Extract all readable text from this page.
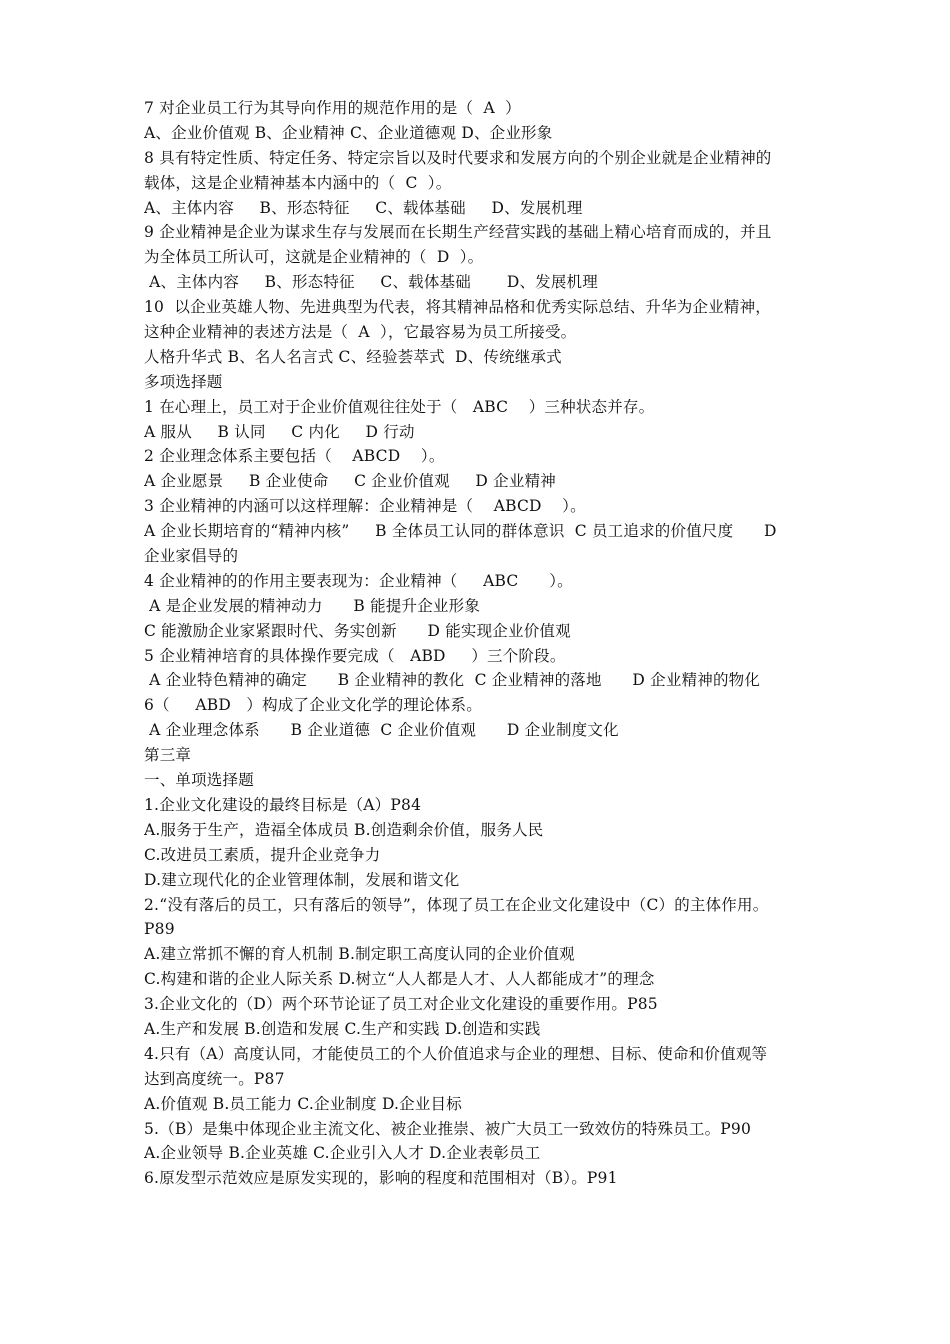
7 对企业员工行为其导向作用的规范作用的是（  A  ）
A、企业价值观 B、企业精神 C、企业道德观 D、企业形象
8 具有特定性质、特定任务、特定宗旨以及时代要求和发展方向的个别企业就是企业精神的
载体，这是企业精神基本内涵中的（  C  ）。
A、主体内容     B、形态特征     C、载体基础     D、发展机理
9 企业精神是企业为谋求生存与发展而在长期生产经营实践的基础上精心培育而成的，并且
为全体员工所认可，这就是企业精神的（  D  ）。
A、主体内容     B、形态特征     C、载体基础       D、发展机理
10  以企业英雄人物、先进典型为代表，将其精神品格和优秀实际总结、升华为企业精神，
这种企业精神的表述方法是（  A  ），它最容易为员工所接受。
人格升华式 B、名人名言式 C、经验荟萃式  D、传统继承式
多项选择题
1 在心理上，员工对于企业价值观往往处于（   ABC    ）三种状态并存。
A 服从     B 认同     C 内化     D 行动
2 企业理念体系主要包括（    ABCD    ）。
A 企业愿景     B 企业使命     C 企业价值观     D 企业精神
3 企业精神的内涵可以这样理解：企业精神是（    ABCD    ）。
A 企业长期培育的“精神内核”     B 全体员工认同的群体意识  C 员工追求的价值尺度      D
企业家倡导的
4 企业精神的的作用主要表现为：企业精神（     ABC      ）。
A 是企业发展的精神动力      B 能提升企业形象
C 能激励企业家紧跟时代、务实创新      D 能实现企业价值观
5 企业精神培育的具体操作要完成（   ABD     ）三个阶段。
A 企业特色精神的确定      B 企业精神的教化  C 企业精神的落地      D 企业精神的物化
6（     ABD   ）构成了企业文化学的理论体系。
A 企业理念体系      B 企业道德  C 企业价值观      D 企业制度文化
第三章
一、单项选择题
1.企业文化建设的最终目标是（A）P84
A.服务于生产，造福全体成员 B.创造剩余价值，服务人民
C.改进员工素质，提升企业竞争力
D.建立现代化的企业管理体制，发展和谐文化
2.“没有落后的员工，只有落后的领导”，体现了员工在企业文化建设中（C）的主体作用。
P89
A.建立常抓不懈的育人机制 B.制定职工高度认同的企业价值观
C.构建和谐的企业人际关系 D.树立“人人都是人才、人人都能成才”的理念
3.企业文化的（D）两个环节论证了员工对企业文化建设的重要作用。P85
A.生产和发展 B.创造和发展 C.生产和实践 D.创造和实践
4.只有（A）高度认同，才能使员工的个人价值追求与企业的理想、目标、使命和价值观等
达到高度统一。P87
A.价值观 B.员工能力 C.企业制度 D.企业目标
5.（B）是集中体现企业主流文化、被企业推崇、被广大员工一致效仿的特殊员工。P90
A.企业领导 B.企业英雄 C.企业引入人才 D.企业表彰员工
6.原发型示范效应是原发实现的，影响的程度和范围相对（B）。P91
